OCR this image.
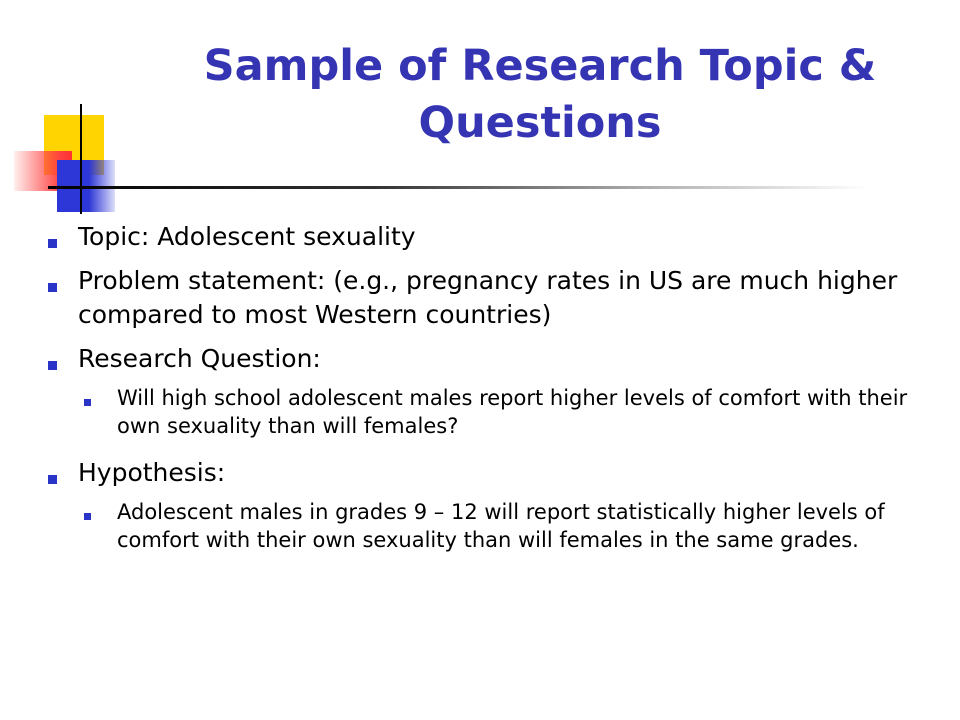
Sample of Research Topic & Questions
Topic: Adolescent sexuality
Problem statement: (e.g., pregnancy rates in US are much higher compared to most Western countries)
Research Question:
Will high school adolescent males report higher levels of comfort with their own sexuality than will females?
Hypothesis:
Adolescent males in grades 9 – 12 will report statistically higher levels of comfort with their own sexuality than will females in the same grades.
